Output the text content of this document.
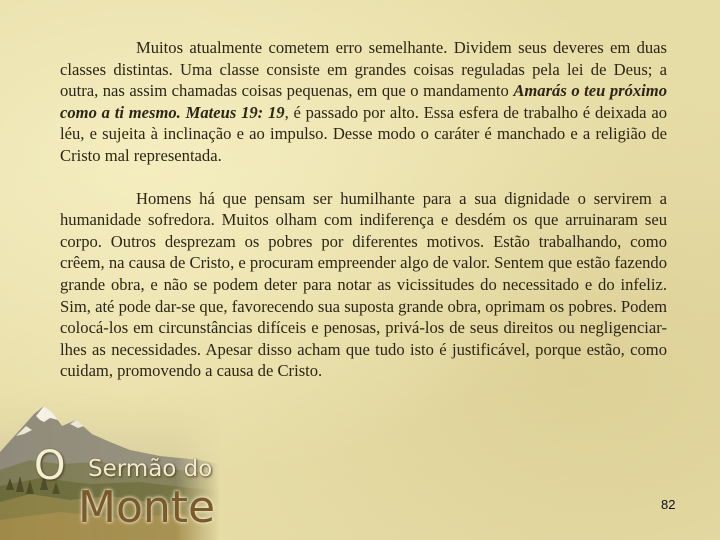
Muitos atualmente cometem erro semelhante. Dividem seus deveres em duas classes distintas. Uma classe consiste em grandes coisas reguladas pela lei de Deus; a outra, nas assim chamadas coisas pequenas, em que o mandamento Amarás o teu próximo como a ti mesmo. Mateus 19: 19, é passado por alto. Essa esfera de trabalho é deixada ao léu, e sujeita à inclinação e ao impulso. Desse modo o caráter é manchado e a religião de Cristo mal representada.

Homens há que pensam ser humilhante para a sua dignidade o servirem a humanidade sofredora. Muitos olham com indiferença e desdém os que arruinaram seu corpo. Outros desprezam os pobres por diferentes motivos. Estão trabalhando, como crêem, na causa de Cristo, e procuram empreender algo de valor. Sentem que estão fazendo grande obra, e não se podem deter para notar as vicissitudes do necessitado e do infeliz. Sim, até pode dar-se que, favorecendo sua suposta grande obra, oprimam os pobres. Podem colocá-los em circunstâncias difíceis e penosas, privá-los de seus direitos ou negligenciar-lhes as necessidades. Apesar disso acham que tudo isto é justificável, porque estão, como cuidam, promovendo a causa de Cristo.

O Sermão do
Monte	82
